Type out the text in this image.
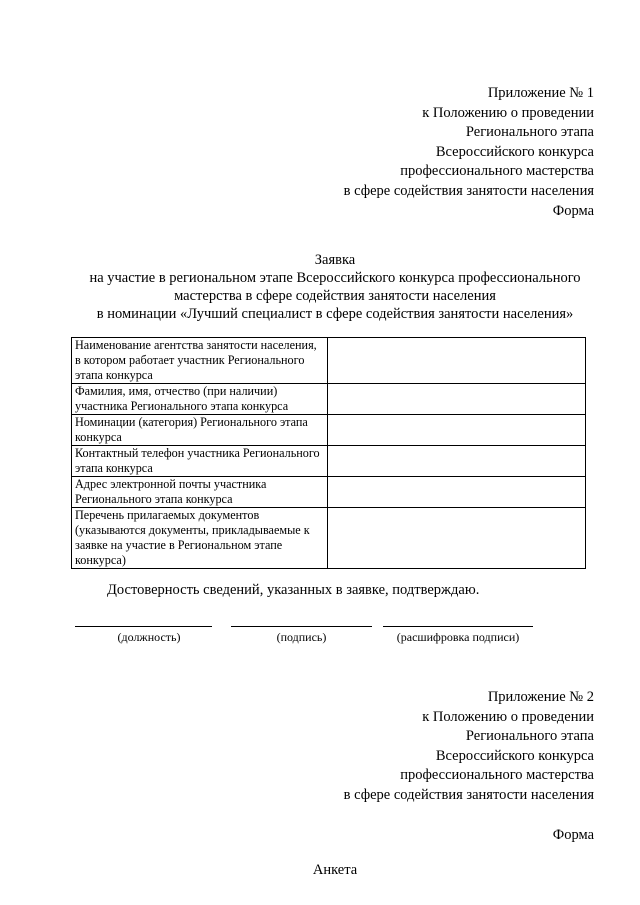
Приложение № 1
к Положению о проведении
Регионального этапа
Всероссийского конкурса
профессионального мастерства
в сфере содействия занятости населения
Форма
Заявка
на участие в региональном этапе Всероссийского конкурса профессионального
мастерства в сфере содействия занятости населения
в номинации «Лучший специалист в сфере содействия занятости населения»
Наименование агентства занятости населения, в котором работает участник Регионального этапа конкурса	
Фамилия, имя, отчество (при наличии) участника Регионального этапа конкурса	
Номинации (категория) Регионального этапа конкурса	
Контактный телефон участника Регионального этапа конкурса	
Адрес электронной почты участника Регионального этапа конкурса	
Перечень прилагаемых документов (указываются документы, прикладываемые к заявке на участие в Региональном этапе конкурса)	
Достоверность сведений, указанных в заявке, подтверждаю.
(должность)	(подпись)	(расшифровка подписи)
Приложение № 2
к Положению о проведении
Регионального этапа
Всероссийского конкурса
профессионального мастерства
в сфере содействия занятости населения
Форма
Анкета
